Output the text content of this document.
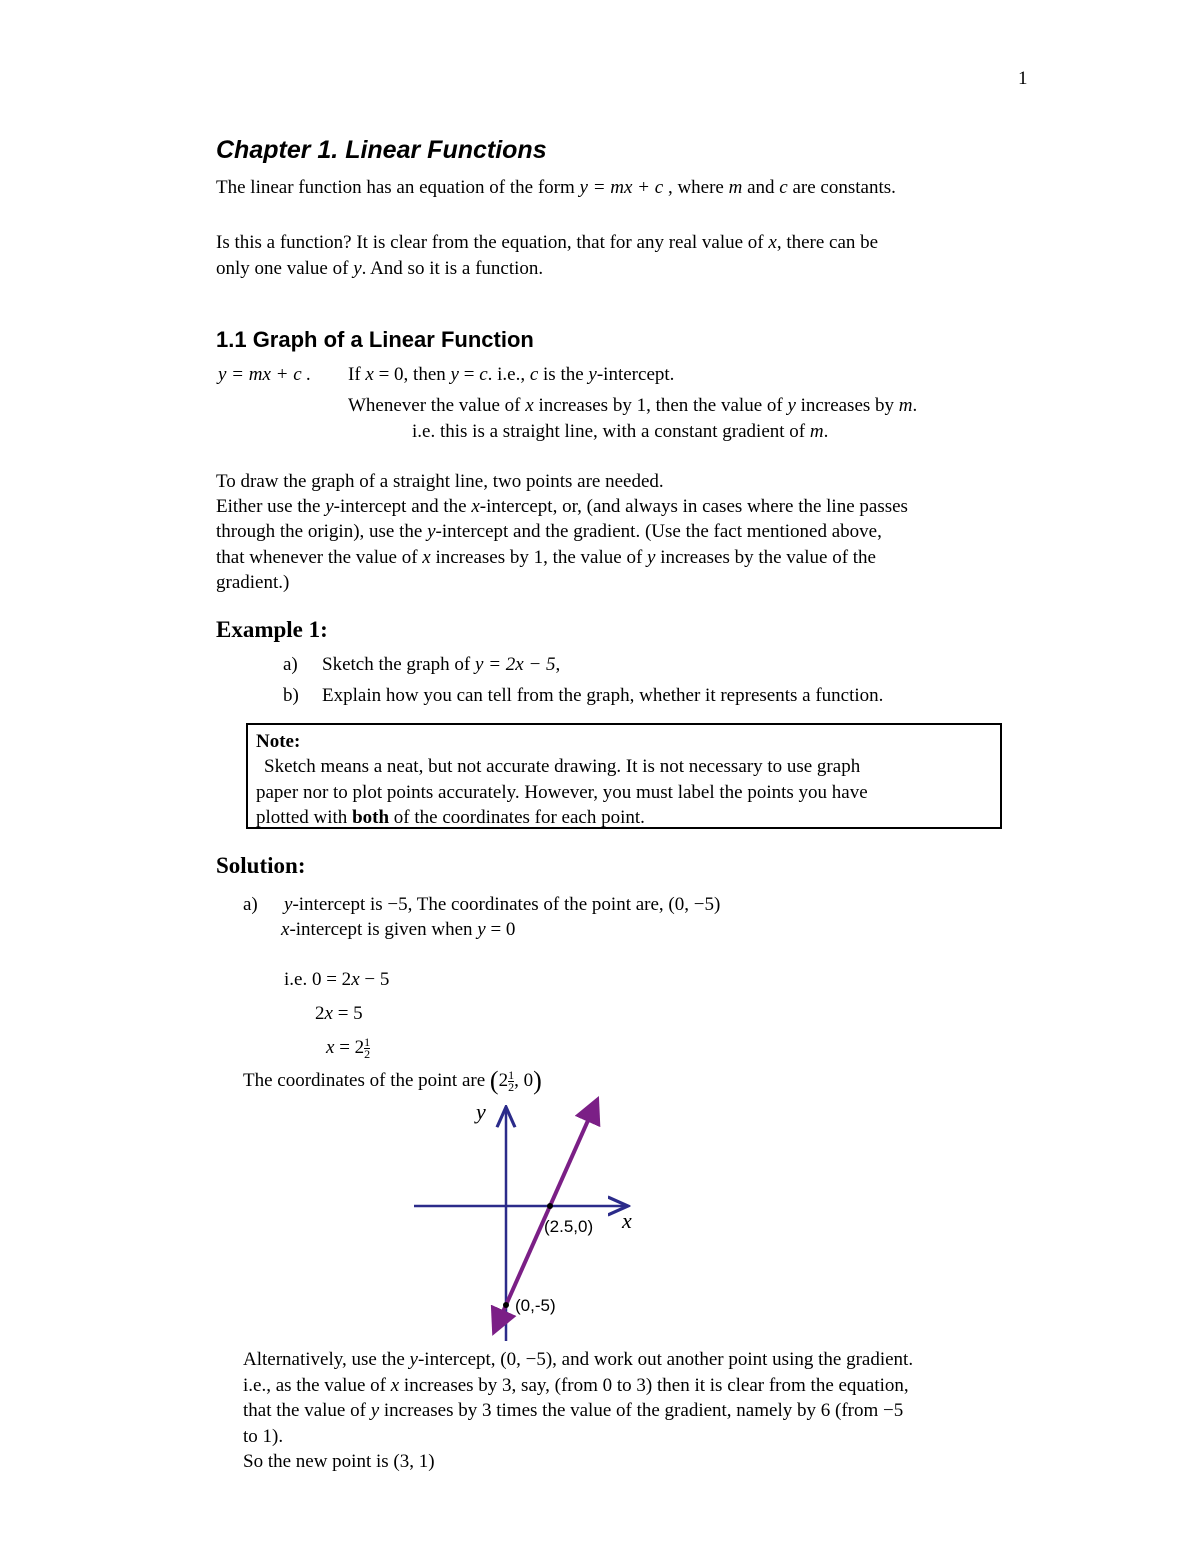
1
Chapter 1. Linear Functions
The linear function has an equation of the form y = mx + c , where m and c are constants.
Is this a function? It is clear from the equation, that for any real value of x, there can be
only one value of y. And so it is a function.
1.1 Graph of a Linear Function
y = mx + c . If x = 0, then y = c. i.e., c is the y-intercept.
Whenever the value of x increases by 1, then the value of y increases by m.
i.e. this is a straight line, with a constant gradient of m.
To draw the graph of a straight line, two points are needed.
Either use the y-intercept and the x-intercept, or, (and always in cases where the line passes
through the origin), use the y-intercept and the gradient. (Use the fact mentioned above,
that whenever the value of x increases by 1, the value of y increases by the value of the
gradient.)
Example 1:
a) Sketch the graph of y = 2x − 5,
b) Explain how you can tell from the graph, whether it represents a function.
Note:
Sketch means a neat, but not accurate drawing. It is not necessary to use graph
paper nor to plot points accurately. However, you must label the points you have
plotted with both of the coordinates for each point.
Solution:
a) y-intercept is −5, The coordinates of the point are, (0, −5)
x-intercept is given when y = 0
i.e. 0 = 2x − 5
2x = 5
$x = 2 \frac{1}{2}$
The coordinates of the point are ($2 \frac{1}{2}$ , 0)
y
x
(0,-5)
(2.5,0)
Alternatively, use the y-intercept, (0, −5), and work out another point using the gradient.
i.e., as the value of x increases by 3, say, (from 0 to 3) then it is clear from the equation,
that the value of y increases by 3 times the value of the gradient, namely by 6 (from −5
to 1).
So the new point is (3, 1)
